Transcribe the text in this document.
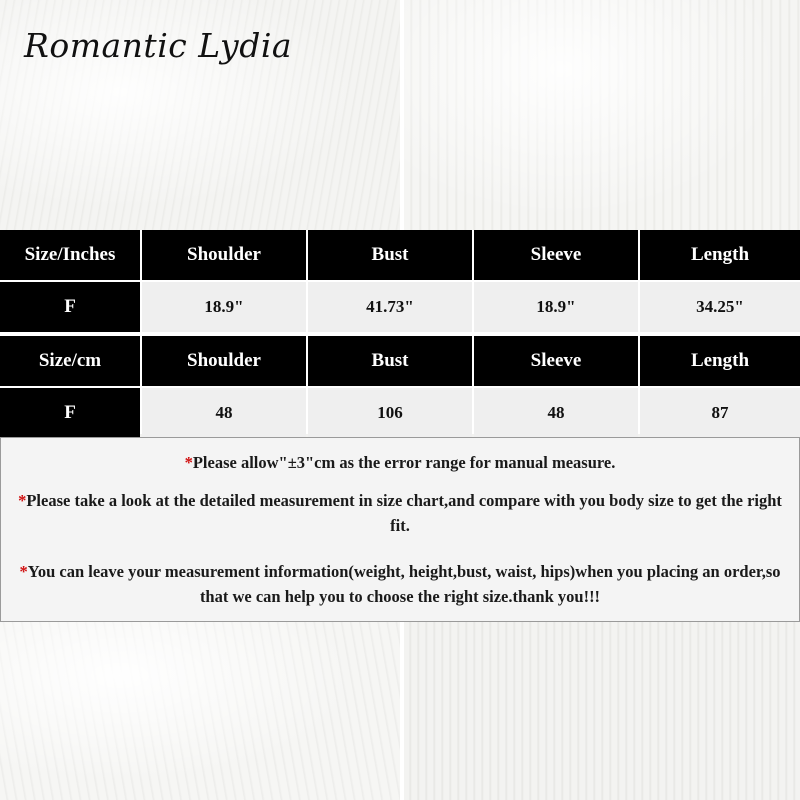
Romantic Lydia
Size/Inches	Shoulder	Bust	Sleeve	Length
F	18.9"	41.73"	18.9"	34.25"
Size/cm	Shoulder	Bust	Sleeve	Length
F	48	106	48	87
*Please allow"±3"cm as the error range for manual measure.
*Please take a look at the detailed measurement in size chart,and compare with you body size to get the right fit.
*You can leave your measurement information(weight, height,bust, waist, hips)when you placing an order,so that we can help you to choose the right size.thank you!!!
